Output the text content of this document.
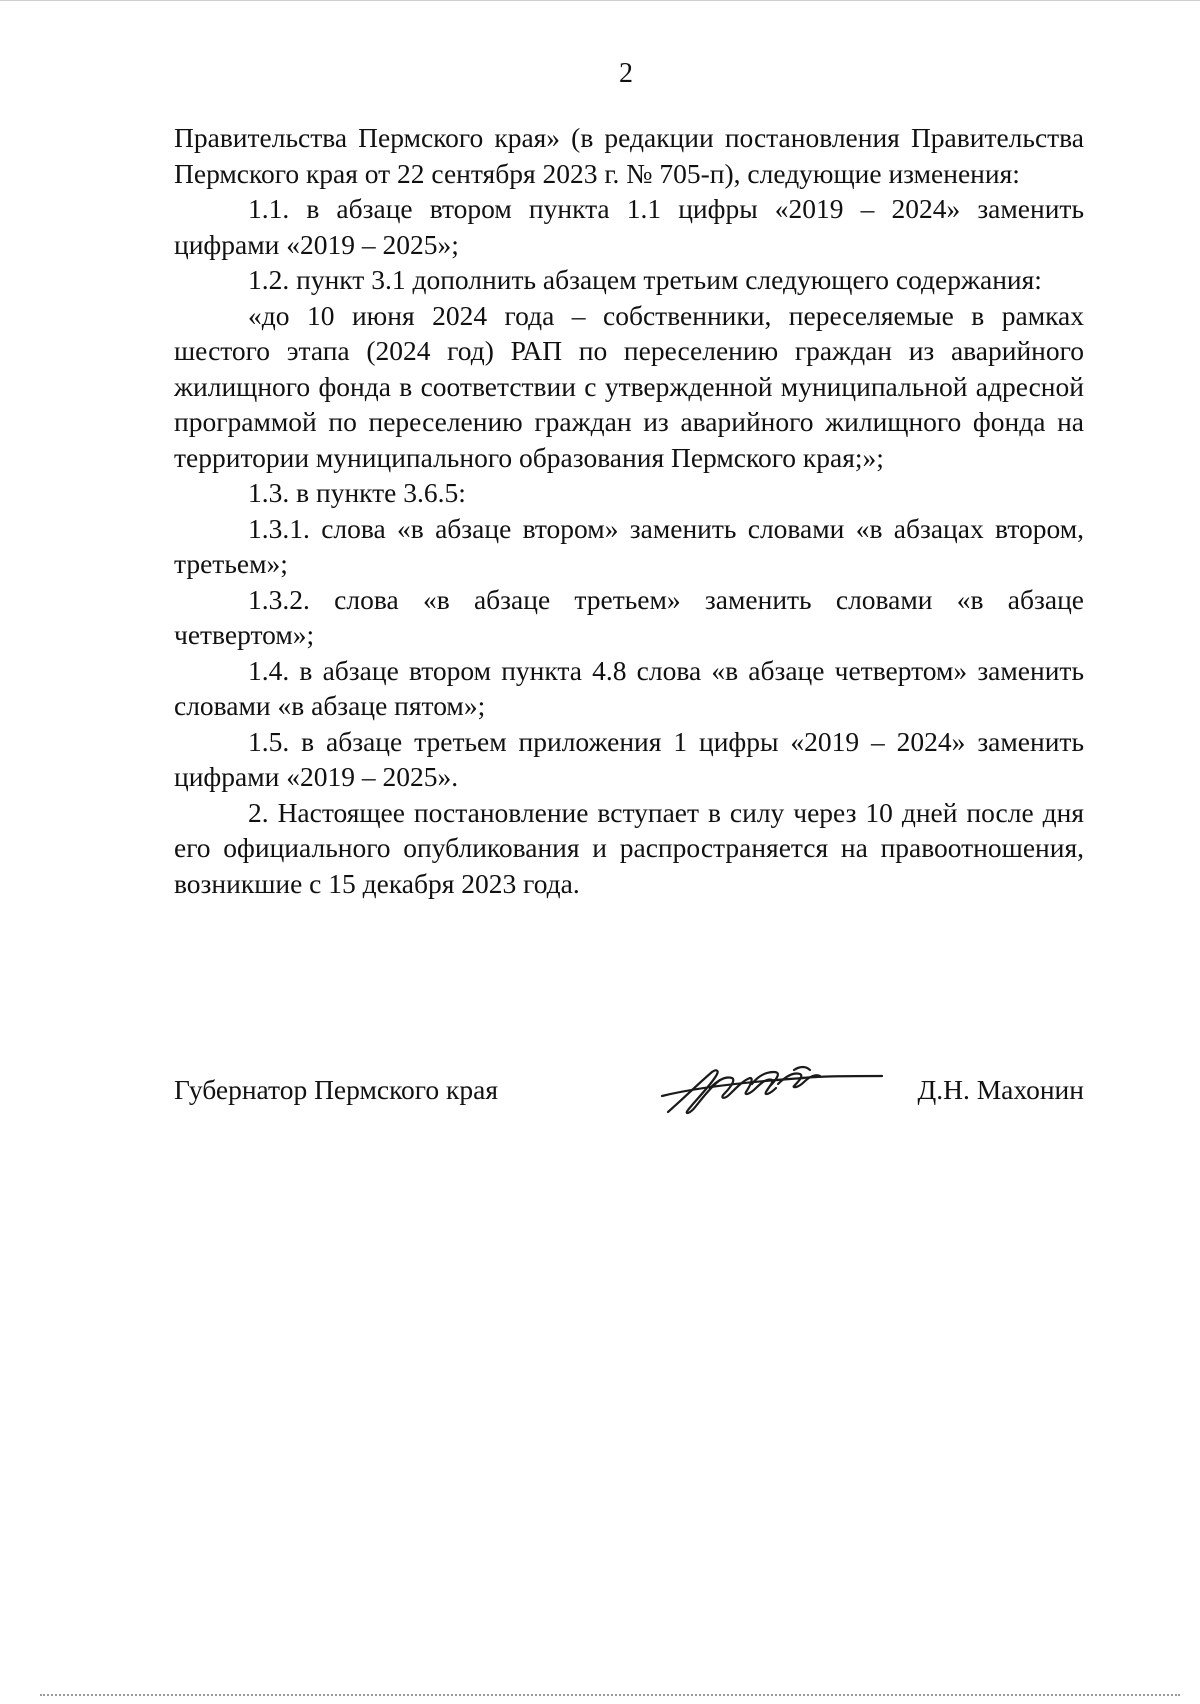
2

Правительства Пермского края» (в редакции постановления Правительства Пермского края от 22 сентября 2023 г. № 705-п), следующие изменения:

1.1. в абзаце втором пункта 1.1 цифры «2019 – 2024» заменить цифрами «2019 – 2025»;

1.2. пункт 3.1 дополнить абзацем третьим следующего содержания:

«до 10 июня 2024 года – собственники, переселяемые в рамках шестого этапа (2024 год) РАП по переселению граждан из аварийного жилищного фонда в соответствии с утвержденной муниципальной адресной программой по переселению граждан из аварийного жилищного фонда на территории муниципального образования Пермского края;»;

1.3. в пункте 3.6.5:

1.3.1. слова «в абзаце втором» заменить словами «в абзацах втором, третьем»;

1.3.2. слова «в абзаце третьем» заменить словами «в абзаце четвертом»;

1.4. в абзаце втором пункта 4.8 слова «в абзаце четвертом» заменить словами «в абзаце пятом»;

1.5. в абзаце третьем приложения 1 цифры «2019 – 2024» заменить цифрами «2019 – 2025».

2. Настоящее постановление вступает в силу через 10 дней после дня его официального опубликования и распространяется на правоотношения, возникшие с 15 декабря 2023 года.

Губернатор Пермского края	Д.Н. Махонин
